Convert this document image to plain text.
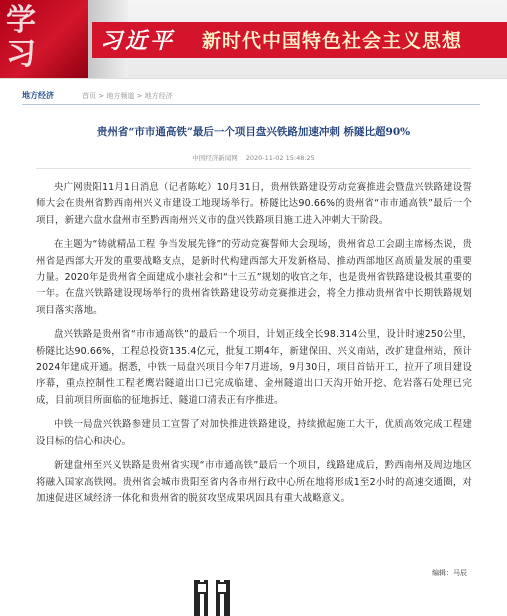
学
习	习近平 新时代中国特色社会主义思想
地方经济	首页 > 地方频道 > 地方经济
贵州省“市市通高铁”最后一个项目盘兴铁路加速冲刺 桥隧比超90%
中国经济新闻网 2020-11-02 15:48:25

央广网贵阳11月1日消息（记者陈屹）10月31日，贵州铁路建设劳动竞赛推进会暨盘兴铁路建设誓师大会在贵州省黔西南州兴义市建设工地现场举行。桥隧比达90.66%的贵州省“市市通高铁”最后一个项目，新建六盘水盘州市至黔西南州兴义市的盘兴铁路项目施工进入冲刺大干阶段。

在主题为“铸就精品工程 争当发展先锋”的劳动竞赛誓师大会现场，贵州省总工会副主席杨杰说，贵州省是西部大开发的重要战略支点，是新时代构建西部大开发新格局、推动西部地区高质量发展的重要力量。2020年是贵州省全面建成小康社会和“十三五”规划的收官之年，也是贵州省铁路建设极其重要的一年。在盘兴铁路建设现场举行的贵州省铁路建设劳动竞赛推进会，将全力推动贵州省中长期铁路规划项目落实落地。

盘兴铁路是贵州省“市市通高铁”的最后一个项目，计划正线全长98.314公里，设计时速250公里，桥隧比达90.66%，工程总投资135.4亿元，批复工期4年，新建保田、兴义南站，改扩建盘州站，预计2024年建成开通。据悉，中铁一局盘兴项目今年7月进场，9月30日，项目首钻开工，拉开了项目建设序幕，重点控制性工程老鹰岩隧道出口已完成临建、金州隧道出口天沟开始开挖、危岩落石处理已完成，目前项目所面临的征地拆迁、隧道口清表正有序推进。

中铁一局盘兴铁路参建员工宣誓了对加快推进铁路建设，持续掀起施工大干，优质高效完成工程建设目标的信心和决心。

新建盘州至兴义铁路是贵州省实现“市市通高铁”最后一个项目，线路建成后，黔西南州及周边地区将融入国家高铁网。贵州省会城市贵阳至省内各市州行政中心所在地将形成1至2小时的高速交通圈，对加速促进区域经济一体化和贵州省的脱贫攻坚成果巩固具有重大战略意义。

编辑：马辰
